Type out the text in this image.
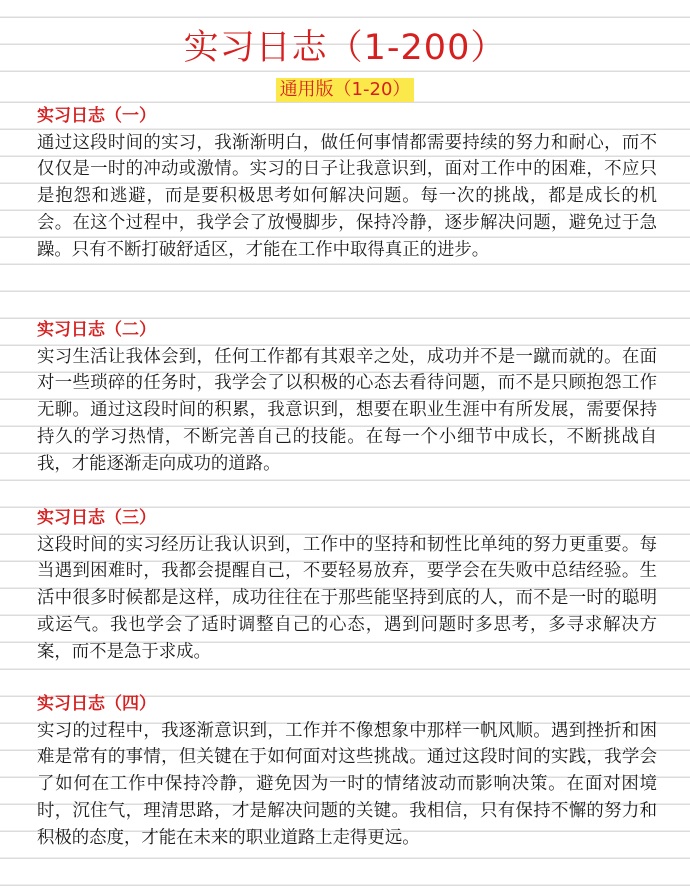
实习日志（1-200）
通用版（1-20）
实习日志（一）
通过这段时间的实习，我渐渐明白，做任何事情都需要持续的努力和耐心，而不仅仅是一时的冲动或激情。实习的日子让我意识到，面对工作中的困难，不应只是抱怨和逃避，而是要积极思考如何解决问题。每一次的挑战，都是成长的机会。在这个过程中，我学会了放慢脚步，保持冷静，逐步解决问题，避免过于急躁。只有不断打破舒适区，才能在工作中取得真正的进步。
实习日志（二）
实习生活让我体会到，任何工作都有其艰辛之处，成功并不是一蹴而就的。在面对一些琐碎的任务时，我学会了以积极的心态去看待问题，而不是只顾抱怨工作无聊。通过这段时间的积累，我意识到，想要在职业生涯中有所发展，需要保持持久的学习热情，不断完善自己的技能。在每一个小细节中成长，不断挑战自我，才能逐渐走向成功的道路。
实习日志（三）
这段时间的实习经历让我认识到，工作中的坚持和韧性比单纯的努力更重要。每当遇到困难时，我都会提醒自己，不要轻易放弃，要学会在失败中总结经验。生活中很多时候都是这样，成功往往在于那些能坚持到底的人，而不是一时的聪明或运气。我也学会了适时调整自己的心态，遇到问题时多思考，多寻求解决方案，而不是急于求成。
实习日志（四）
实习的过程中，我逐渐意识到，工作并不像想象中那样一帆风顺。遇到挫折和困难是常有的事情，但关键在于如何面对这些挑战。通过这段时间的实践，我学会了如何在工作中保持冷静，避免因为一时的情绪波动而影响决策。在面对困境时，沉住气，理清思路，才是解决问题的关键。我相信，只有保持不懈的努力和积极的态度，才能在未来的职业道路上走得更远。
